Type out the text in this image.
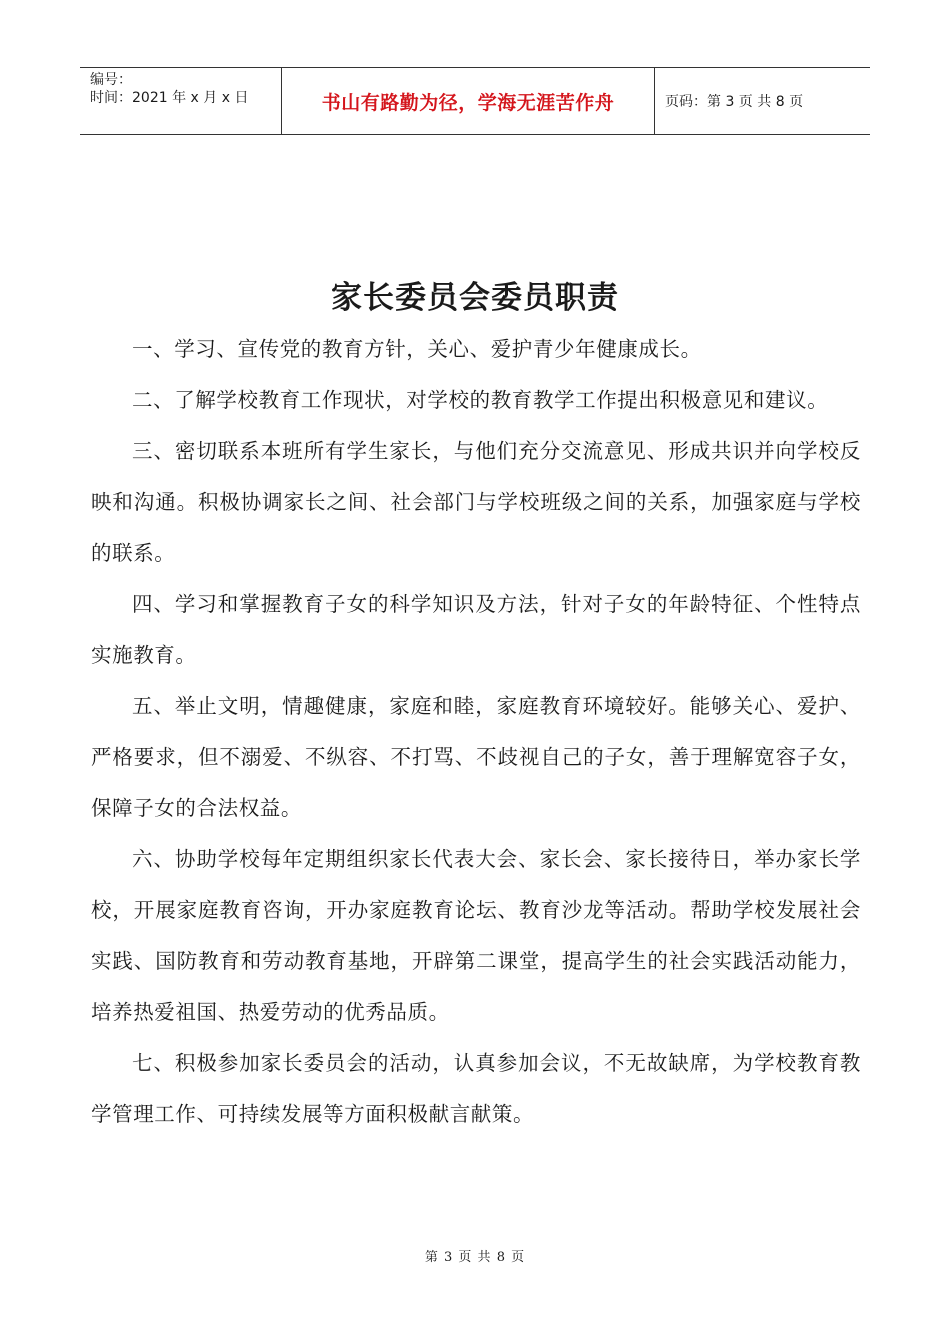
编号：
时间：2021 年 x 月 x 日	书山有路勤为径，学海无涯苦作舟	页码：第 3 页 共 8 页
家长委员会委员职责

一、学习、宣传党的教育方针，关心、爱护青少年健康成长。

二、了解学校教育工作现状，对学校的教育教学工作提出积极意见和建议。

三、密切联系本班所有学生家长，与他们充分交流意见、形成共识并向学校反映和沟通。积极协调家长之间、社会部门与学校班级之间的关系，加强家庭与学校的联系。

四、学习和掌握教育子女的科学知识及方法，针对子女的年龄特征、个性特点实施教育。

五、举止文明，情趣健康，家庭和睦，家庭教育环境较好。能够关心、爱护、严格要求，但不溺爱、不纵容、不打骂、不歧视自己的子女，善于理解宽容子女，保障子女的合法权益。

六、协助学校每年定期组织家长代表大会、家长会、家长接待日，举办家长学校，开展家庭教育咨询，开办家庭教育论坛、教育沙龙等活动。帮助学校发展社会实践、国防教育和劳动教育基地，开辟第二课堂，提高学生的社会实践活动能力，培养热爱祖国、热爱劳动的优秀品质。

七、积极参加家长委员会的活动，认真参加会议，不无故缺席，为学校教育教学管理工作、可持续发展等方面积极献言献策。

第 3 页 共 8 页
